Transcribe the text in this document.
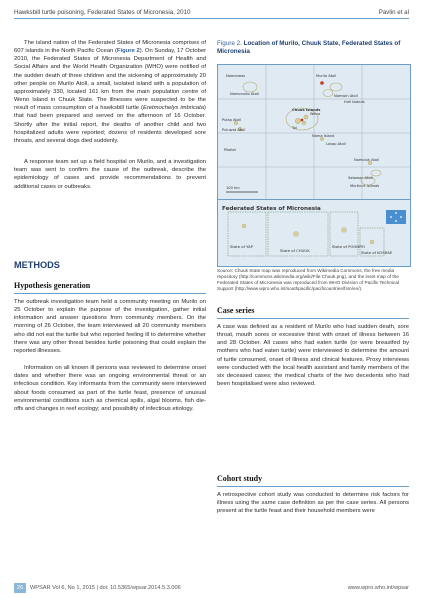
Hawksbill turtle poisoning, Federated States of Micronesia, 2010	Pavlin et al

The island nation of the Federated States of Micronesia comprises of 607 islands in the North Pacific Ocean (Figure 2). On Sunday, 17 October 2010, the Federated States of Micronesia Department of Health and Social Affairs and the World Health Organization (WHO) were notified of the sudden death of three children and the sickening of approximately 20 other people on Murilo Atoll, a small, isolated island with a population of approximately 330, located 161 km from the main population centre of Weno Island in Chuuk State. The illnesses were suspected to be the result of mass consumption of a hawksbill turtle (Eretmochelys imbricata) that had been prepared and served on the afternoon of 16 October. Shortly after the initial report, the deaths of another child and two hospitalized adults were reported; dozens of residents developed sore throats, and several dogs died suddenly.

A response team set up a field hospital on Murilo, and a investigation team was sent to confirm the cause of the outbreak, describe the epidemiology of cases and provide recommendations to prevent additional cases or outbreaks.

METHODS
Hypothesis generation

The outbreak investigation team held a community meeting on Murilo on 25 October to explain the purpose of the investigation, gather initial information and answer questions from community members. On the morning of 26 October, the team interviewed all 20 community members who did not eat the turtle but who reported feeling ill to determine whether there was any other threat besides turtle poisoning that could explain the reported illnesses.

Information on all known ill persons was reviewed to determine onset dates and whether there was an ongoing environmental threat or an infectious condition. Key informants from the community were interviewed about foods consumed as part of the turtle feast, presence of unusual environmental conditions such as chemical spills, algal blooms, fish die-offs and changes in reef ecology; and possibility of infectious etiology.

Figure 2. Location of Murilo, Chuuk State, Federated States of Micronesia
Nomoneas	Murilo Atoll
Nomwin Atoll
Hall Islands
Chuuk Islands
Weno
Tol
Namonuito Atoll
Pulap Atoll
Puluwat Atoll
Nama Island
Losap Atoll
Namoluk Atoll
Satawan Atoll
Mortlock Islands
Pikelot
100 km
Federated States of Micronesia
State of YAP
State of CHUUK
State of POHNPEI
State of KOSRAE
Source: Chuuk State map was reproduced from Wikimedia Commons, the free media repository (http://commons.wikimedia.org/wiki/File:Chuuk.png), and the inset map of the Federated States of Micronesia was reproduced from WHO Division of Pacific Technical Support (http://www.wpro.who.int/southpacific/pacificountries/fsm/en/).
Case series
A case was defined as a resident of Murilo who had sudden death, sore throat, mouth sores or excessive thirst with onset of illness between 16 and 28 October. All cases who had eaten turtle (or were breastfed by mothers who had eaten turtle) were interviewed to determine the amount of turtle consumed, onset of illness and clinical features. Proxy interviews were conducted with the local health assistant and family members of the six deceased cases; the medical charts of the two decedents who had been hospitalised were also reviewed.
Cohort study
A retrospective cohort study was conducted to determine risk factors for illness using the same case definition as per the case series. All persons present at the turtle feast and their household members were
26	WPSAR Vol 6, No 1, 2015 | doi: 10.5365/wpsar.2014.5.3.006	www.wpro.who.int/wpsar
